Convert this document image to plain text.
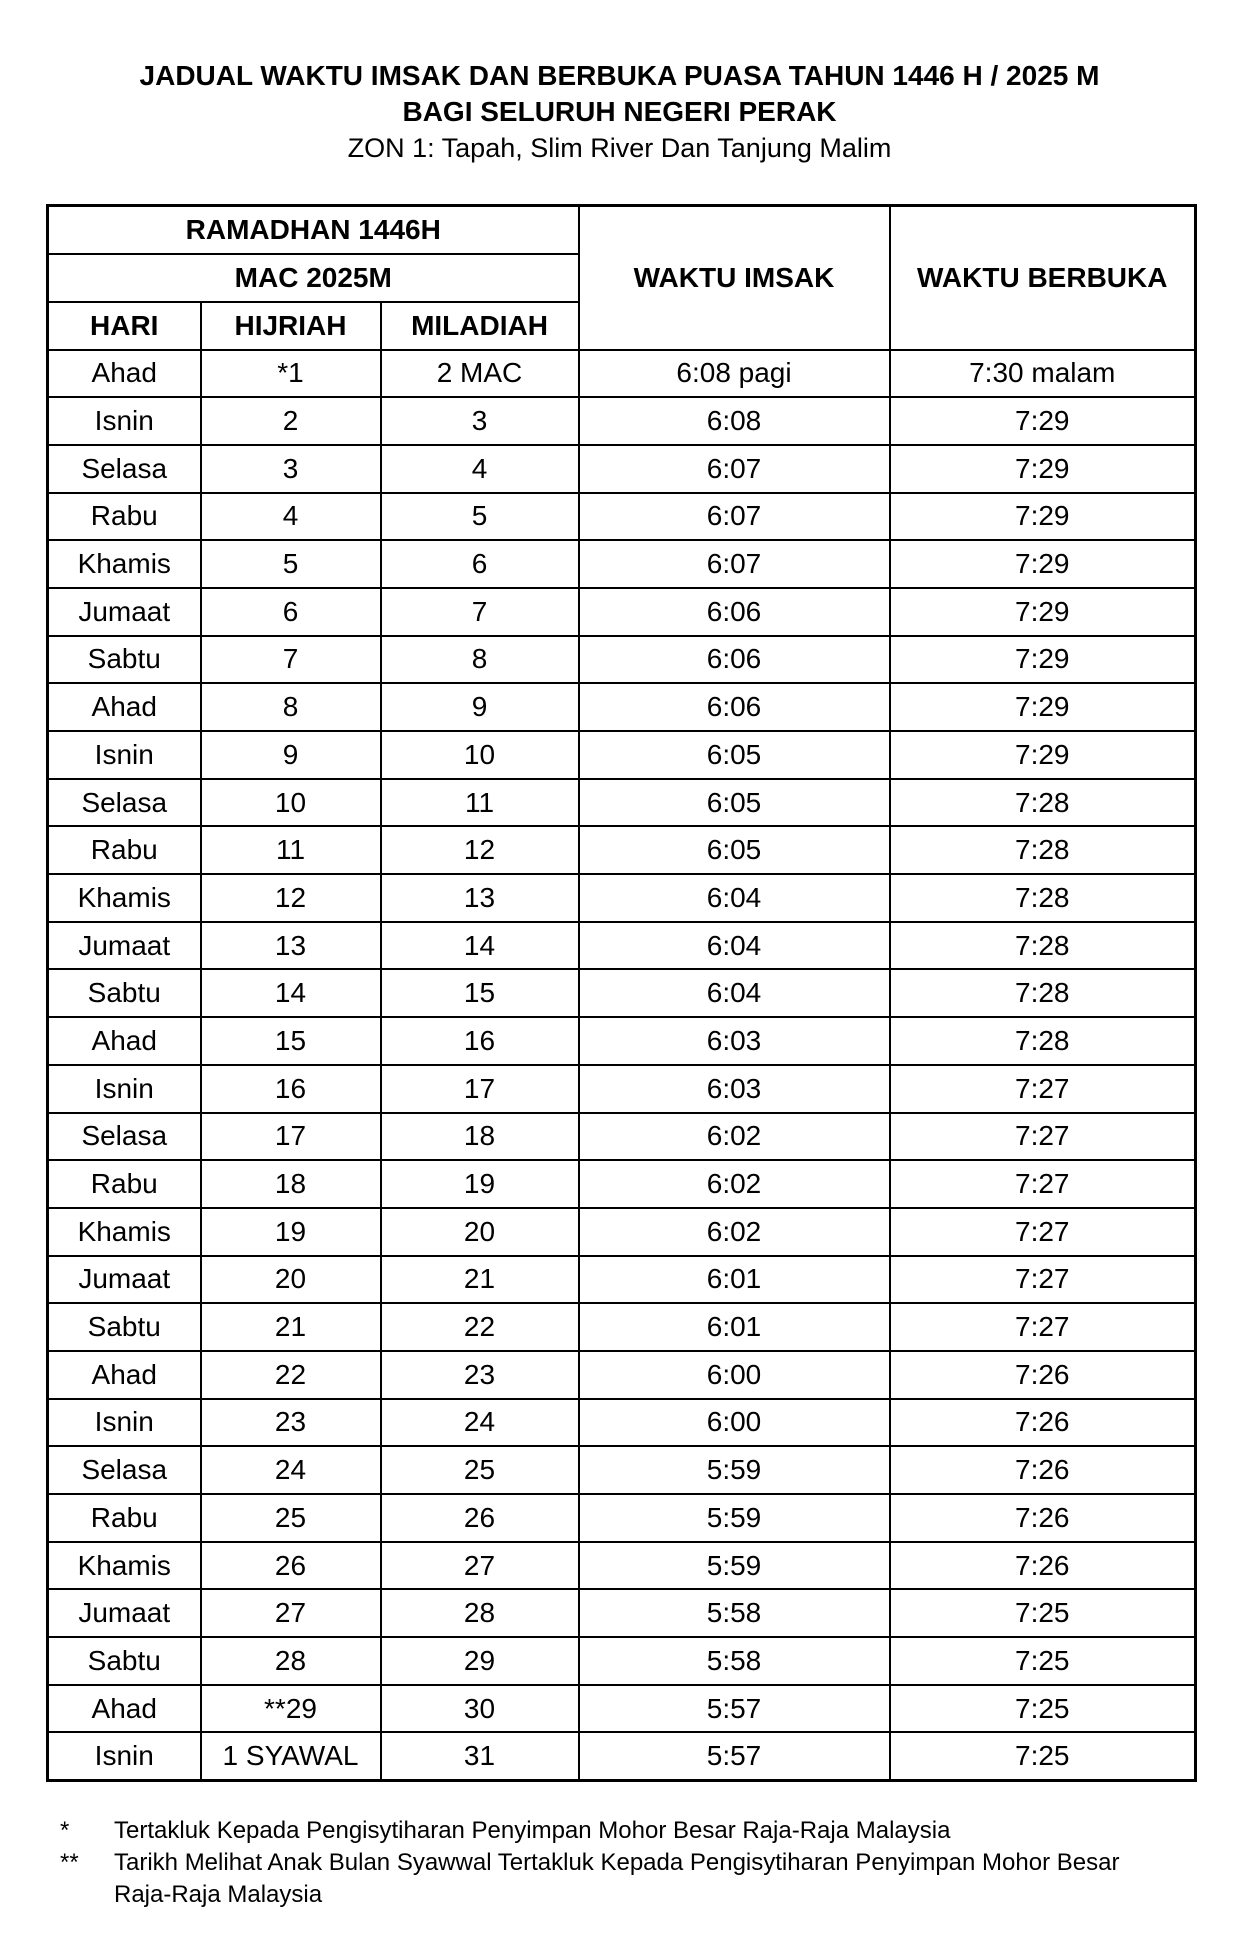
JADUAL WAKTU IMSAK DAN BERBUKA PUASA TAHUN 1446 H / 2025 M
BAGI SELURUH NEGERI PERAK
ZON 1: Tapah, Slim River Dan Tanjung Malim
RAMADHAN 1446H			WAKTU IMSAK	WAKTU BERBUKA
MAC 2025M				
HARI	HIJRIAH	MILADIAH		
Ahad	*1	2 MAC	6:08 pagi	7:30 malam
Isnin	2	3	6:08	7:29
Selasa	3	4	6:07	7:29
Rabu	4	5	6:07	7:29
Khamis	5	6	6:07	7:29
Jumaat	6	7	6:06	7:29
Sabtu	7	8	6:06	7:29
Ahad	8	9	6:06	7:29
Isnin	9	10	6:05	7:29
Selasa	10	11	6:05	7:28
Rabu	11	12	6:05	7:28
Khamis	12	13	6:04	7:28
Jumaat	13	14	6:04	7:28
Sabtu	14	15	6:04	7:28
Ahad	15	16	6:03	7:28
Isnin	16	17	6:03	7:27
Selasa	17	18	6:02	7:27
Rabu	18	19	6:02	7:27
Khamis	19	20	6:02	7:27
Jumaat	20	21	6:01	7:27
Sabtu	21	22	6:01	7:27
Ahad	22	23	6:00	7:26
Isnin	23	24	6:00	7:26
Selasa	24	25	5:59	7:26
Rabu	25	26	5:59	7:26
Khamis	26	27	5:59	7:26
Jumaat	27	28	5:58	7:25
Sabtu	28	29	5:58	7:25
Ahad	**29	30	5:57	7:25
Isnin	1 SYAWAL	31	5:57	7:25
*	Tertakluk Kepada Pengisytiharan Penyimpan Mohor Besar Raja-Raja Malaysia
**	Tarikh Melihat Anak Bulan Syawwal Tertakluk Kepada Pengisytiharan Penyimpan Mohor Besar Raja-Raja Malaysia
